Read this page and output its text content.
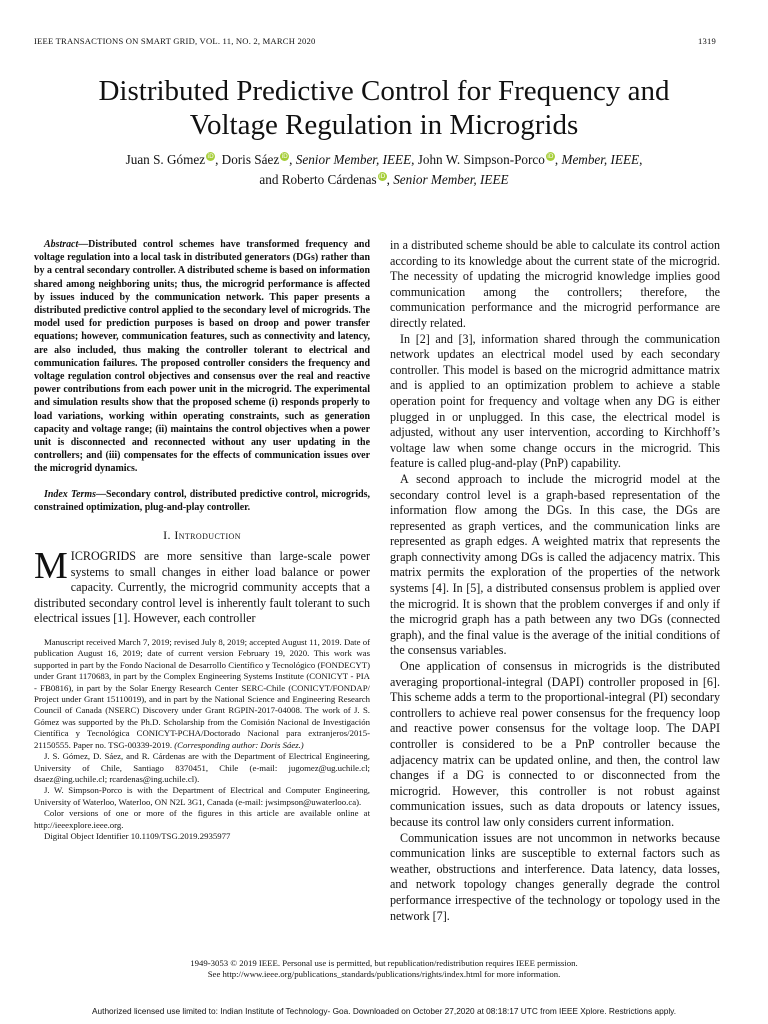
IEEE TRANSACTIONS ON SMART GRID, VOL. 11, NO. 2, MARCH 2020	1319
Distributed Predictive Control for Frequency and
Voltage Regulation in Microgrids
Juan S. Gómez iD, Doris Sáez iD, Senior Member, IEEE, John W. Simpson-Porco iD, Member, IEEE,
and Roberto Cárdenas iD, Senior Member, IEEE

Abstract—Distributed control schemes have transformed frequency and voltage regulation into a local task in distributed generators (DGs) rather than by a central secondary controller. A distributed scheme is based on information shared among neighboring units; thus, the microgrid performance is affected by issues induced by the communication network. This paper presents a distributed predictive control applied to the secondary level of microgrids. The model used for prediction purposes is based on droop and power transfer equations; however, communication features, such as connectivity and latency, are also included, thus making the controller tolerant to electrical and communication failures. The proposed controller considers the frequency and voltage regulation control objectives and consensus over the real and reactive power contributions from each power unit in the microgrid. The experimental and simulation results show that the proposed scheme (i) responds properly to load variations, working within operating constraints, such as generation capacity and voltage range; (ii) maintains the control objectives when a power unit is disconnected and reconnected without any user updating in the controllers; and (iii) compensates for the effects of communication issues over the microgrid dynamics.

Index Terms—Secondary control, distributed predictive control, microgrids, constrained optimization, plug-and-play controller.

I. Introduction

MICROGRIDS are more sensitive than large-scale power systems to small changes in either load balance or power capacity. Currently, the microgrid community accepts that a distributed secondary control level is inherently fault tolerant to such electrical issues [1]. However, each controller

Manuscript received March 7, 2019; revised July 8, 2019; accepted August 11, 2019. Date of publication August 16, 2019; date of current version February 19, 2020. This work was supported in part by the Fondo Nacional de Desarrollo Científico y Tecnológico (FONDECYT) under Grant 1170683, in part by the Complex Engineering Systems Institute (CONICYT - PIA - FB0816), in part by the Solar Energy Research Center SERC-Chile (CONICYT/FONDAP/ Project under Grant 15110019), and in part by the National Science and Engineering Research Council of Canada (NSERC) Discovery under Grant RGPIN-2017-04008. The work of J. S. Gómez was supported by the Ph.D. Scholarship from the Comisión Nacional de Investigación Científica y Tecnológica CONICYT-PCHA/Doctorado Nacional para extranjeros/2015-21150555. Paper no. TSG-00339-2019. (Corresponding author: Doris Sáez.)

J. S. Gómez, D. Sáez, and R. Cárdenas are with the Department of Electrical Engineering, University of Chile, Santiago 8370451, Chile (e-mail: jugomez@ug.uchile.cl; dsaez@ing.uchile.cl; rcardenas@ing.uchile.cl).

J. W. Simpson-Porco is with the Department of Electrical and Computer Engineering, University of Waterloo, Waterloo, ON N2L 3G1, Canada (e-mail: jwsimpson@uwaterloo.ca).

Color versions of one or more of the figures in this article are available online at http://ieeexplore.ieee.org.

Digital Object Identifier 10.1109/TSG.2019.2935977

in a distributed scheme should be able to calculate its control action according to its knowledge about the current state of the microgrid. The necessity of updating the microgrid knowledge implies good communication among the controllers; therefore, the communication performance and the microgrid performance are directly related.

In [2] and [3], information shared through the communication network updates an electrical model used by each secondary controller. This model is based on the microgrid admittance matrix and is applied to an optimization problem to achieve a stable operation point for frequency and voltage when any DG is either plugged in or unplugged. In this case, the electrical model is adjusted, without any user intervention, according to Kirchhoff’s voltage law when some change occurs in the microgrid. This feature is called plug-and-play (PnP) capability.

A second approach to include the microgrid model at the secondary control level is a graph-based representation of the information flow among the DGs. In this case, the DGs are represented as graph vertices, and the communication links are represented as graph edges. A weighted matrix that represents the graph connectivity among DGs is called the adjacency matrix. This matrix permits the exploration of the properties of the network systems [4]. In [5], a distributed consensus problem is applied over the microgrid. It is shown that the problem converges if and only if the microgrid graph has a path between any two DGs (connected graph), and the final value is the average of the initial conditions of the consensus variables.

One application of consensus in microgrids is the distributed averaging proportional-integral (DAPI) controller proposed in [6]. This scheme adds a term to the proportional-integral (PI) secondary controllers to achieve real power consensus for the frequency loop and reactive power consensus for the voltage loop. The DAPI controller is considered to be a PnP controller because the adjacency matrix can be updated online, and then, the control law changes if a DG is connected to or disconnected from the microgrid. However, this controller is not robust against communication issues, such as data dropouts or latency issues, because its control law only considers current information.

Communication issues are not uncommon in networks because communication links are susceptible to external factors such as weather, obstructions and interference. Data latency, data losses, and network topology changes generally degrade the control performance irrespective of the technology or topology used in the network [7].

1949-3053 © 2019 IEEE. Personal use is permitted, but republication/redistribution requires IEEE permission.
See http://www.ieee.org/publications_standards/publications/rights/index.html for more information.
Authorized licensed use limited to: Indian Institute of Technology- Goa. Downloaded on October 27,2020 at 08:18:17 UTC from IEEE Xplore. Restrictions apply.
